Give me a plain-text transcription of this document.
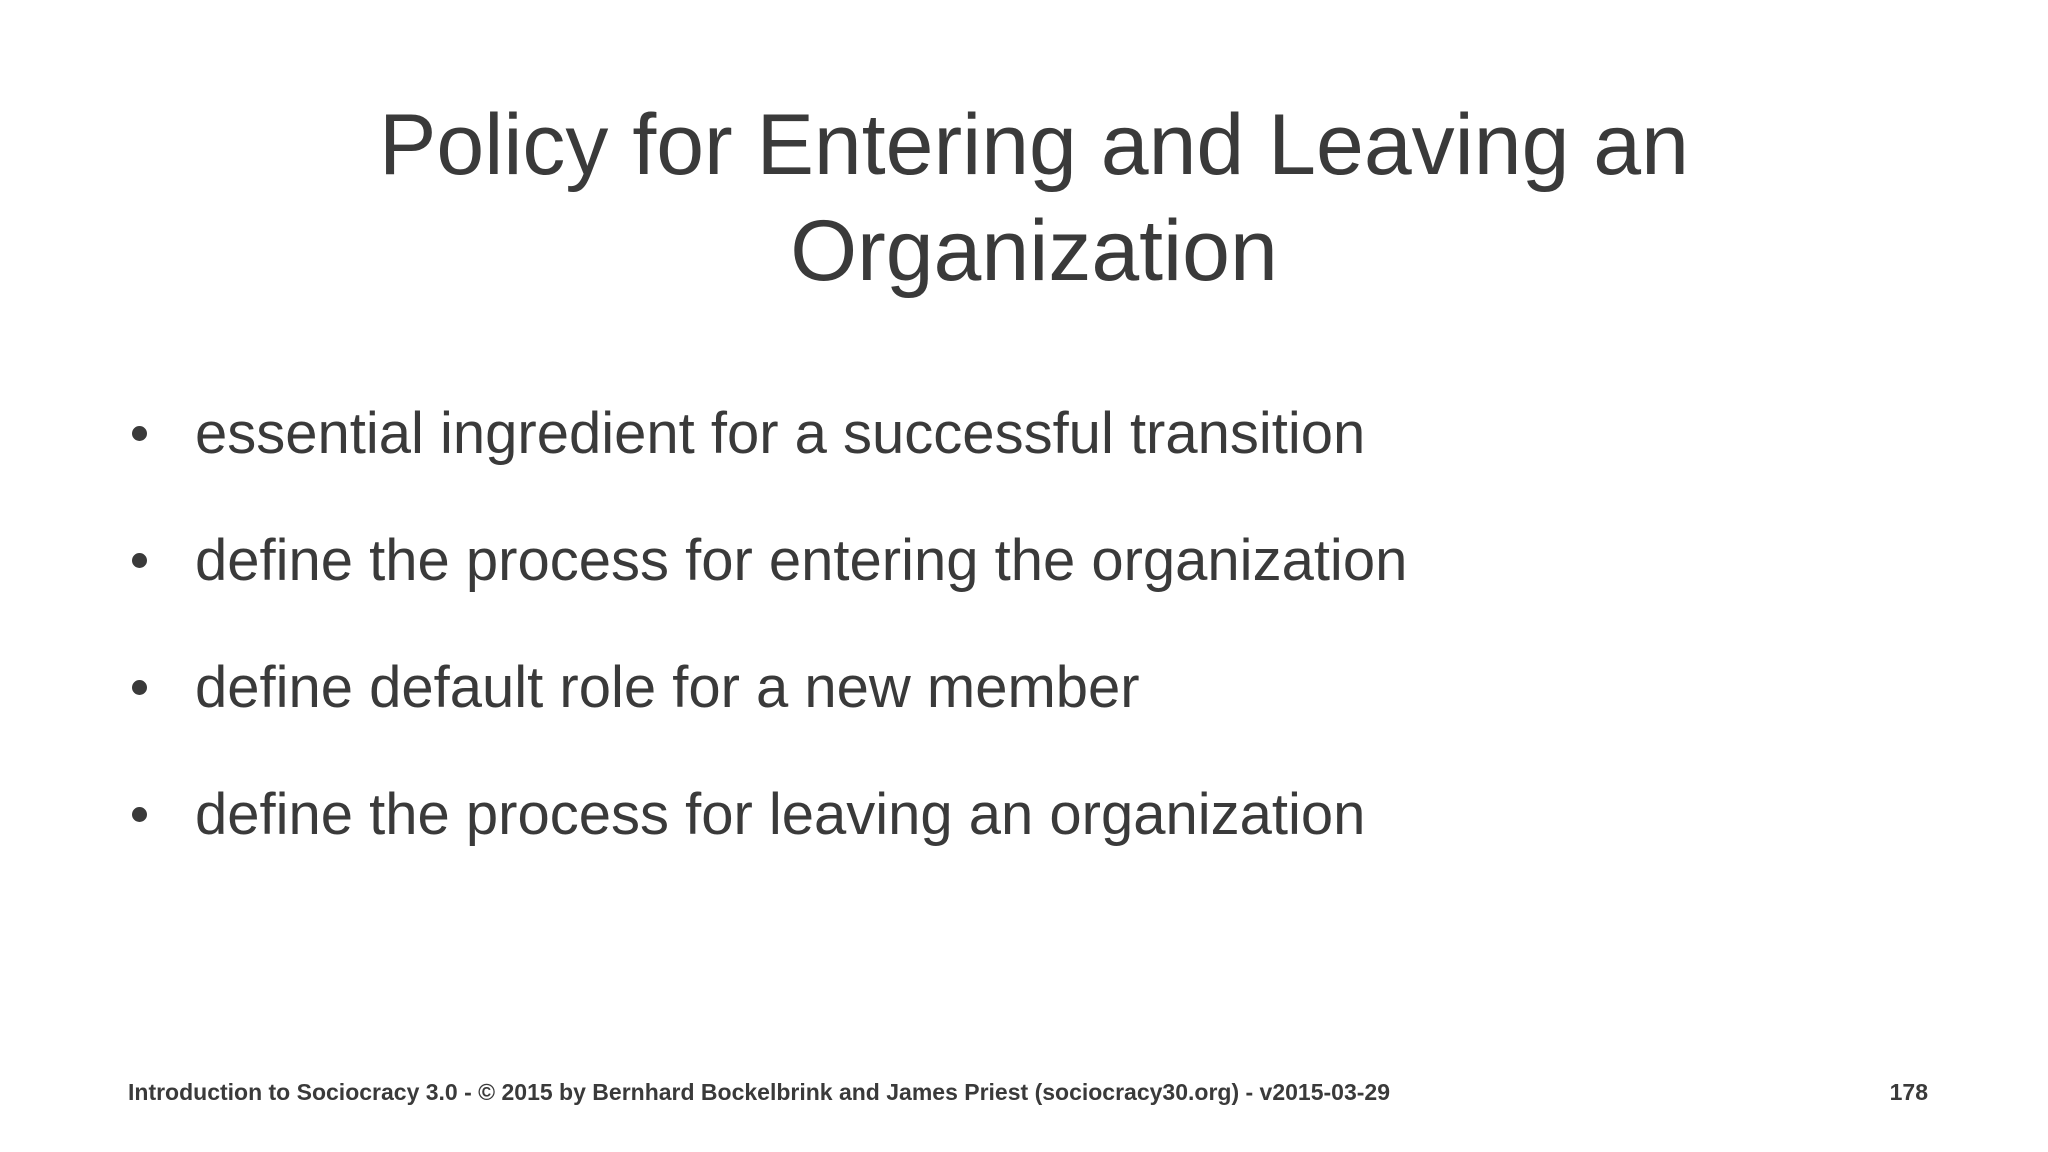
Policy for Entering and Leaving an Organization
essential ingredient for a successful transition
define the process for entering the organization
define default role for a new member
define the process for leaving an organization
Introduction to Sociocracy 3.0 - © 2015 by Bernhard Bockelbrink and James Priest (sociocracy30.org) - v2015-03-29	178
